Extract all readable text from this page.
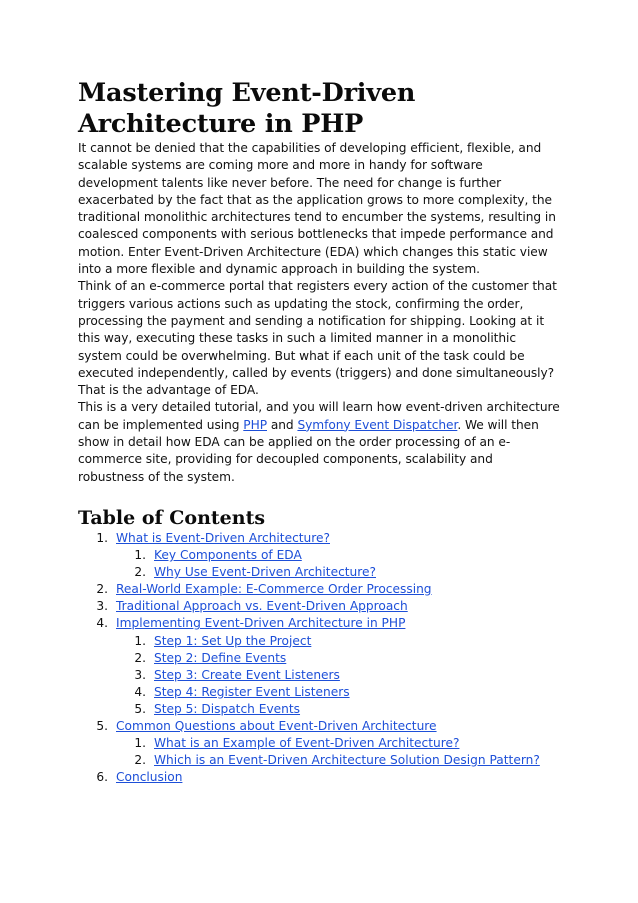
Mastering Event-Driven Architecture in PHP

It cannot be denied that the capabilities of developing efficient, flexible, and scalable systems are coming more and more in handy for software development talents like never before. The need for change is further exacerbated by the fact that as the application grows to more complexity, the traditional monolithic architectures tend to encumber the systems, resulting in coalesced components with serious bottlenecks that impede performance and motion. Enter Event-Driven Architecture (EDA) which changes this static view into a more flexible and dynamic approach in building the system.

Think of an e-commerce portal that registers every action of the customer that triggers various actions such as updating the stock, confirming the order, processing the payment and sending a notification for shipping. Looking at it this way, executing these tasks in such a limited manner in a monolithic system could be overwhelming. But what if each unit of the task could be executed independently, called by events (triggers) and done simultaneously? That is the advantage of EDA.

This is a very detailed tutorial, and you will learn how event-driven architecture can be implemented using PHP and Symfony Event Dispatcher. We will then show in detail how EDA can be applied on the order processing of an e-commerce site, providing for decoupled components, scalability and robustness of the system.

Table of Contents
1. What is Event-Driven Architecture?
1. Key Components of EDA
2. Why Use Event-Driven Architecture?
2. Real-World Example: E-Commerce Order Processing
3. Traditional Approach vs. Event-Driven Approach
4. Implementing Event-Driven Architecture in PHP
1. Step 1: Set Up the Project
2. Step 2: Define Events
3. Step 3: Create Event Listeners
4. Step 4: Register Event Listeners
5. Step 5: Dispatch Events
5. Common Questions about Event-Driven Architecture
1. What is an Example of Event-Driven Architecture?
2. Which is an Event-Driven Architecture Solution Design Pattern?
6. Conclusion
